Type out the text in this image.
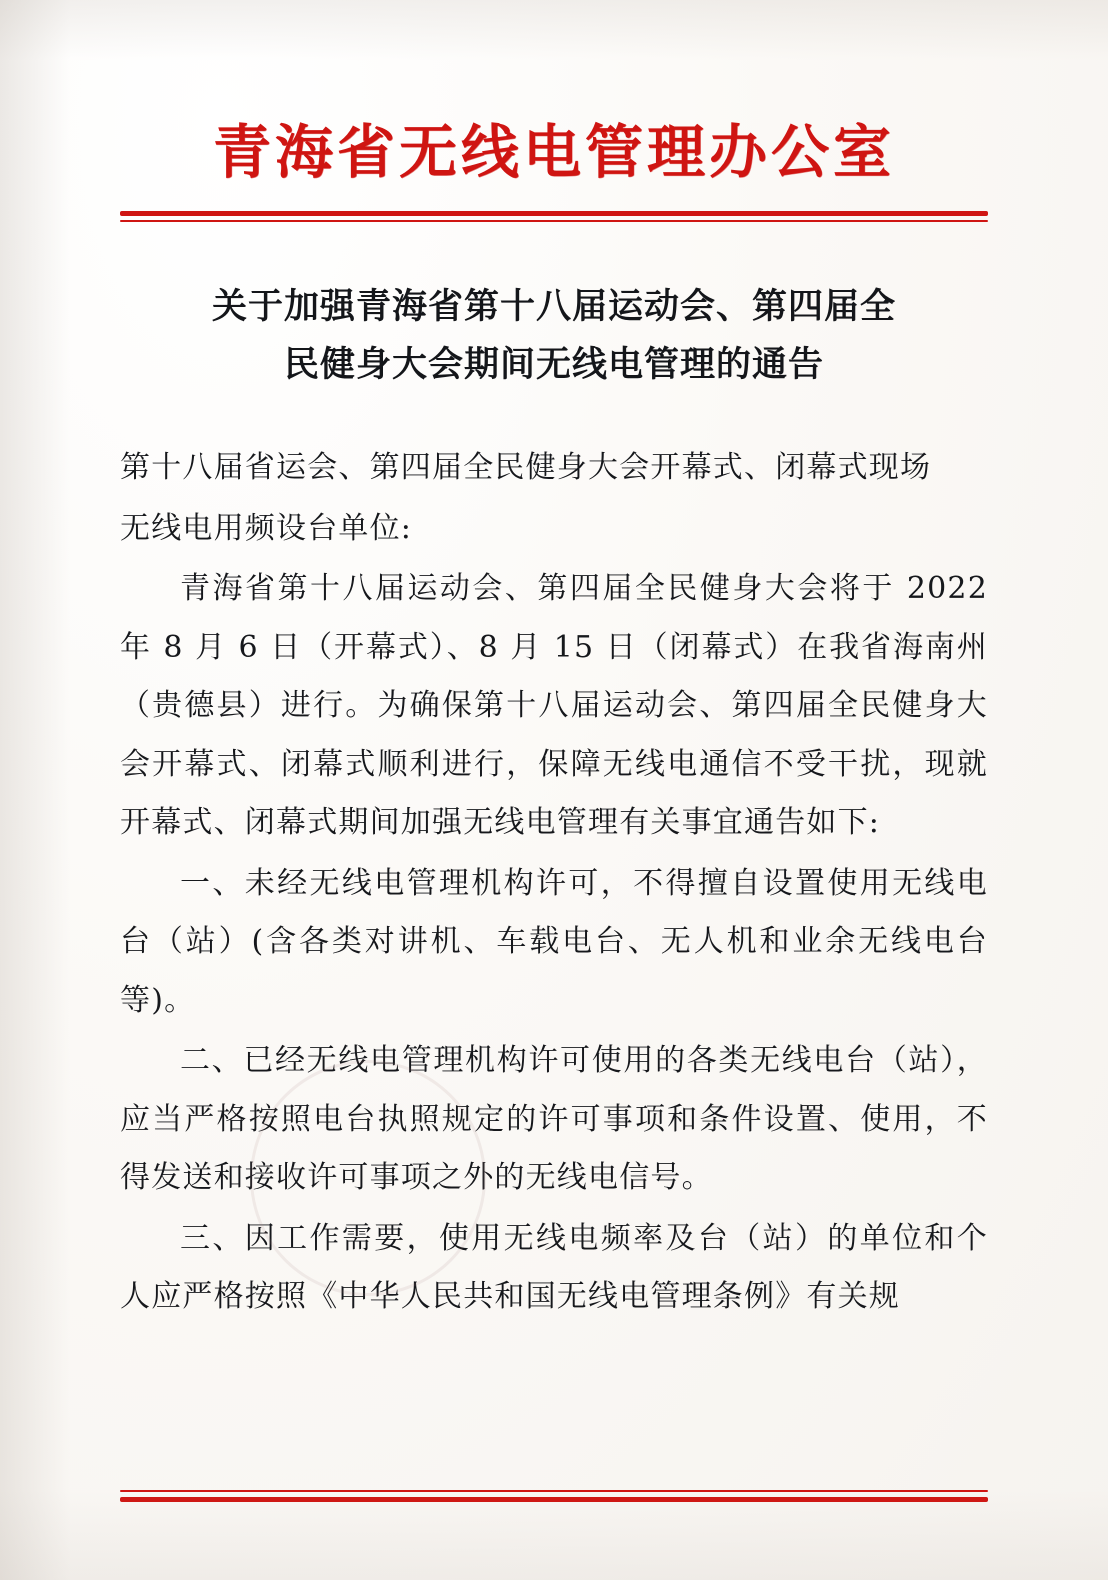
青海省无线电管理办公室
关于加强青海省第十八届运动会、第四届全
民健身大会期间无线电管理的通告

第十八届省运会、第四届全民健身大会开幕式、闭幕式现场

无线电用频设台单位:

青海省第十八届运动会、第四届全民健身大会将于 2022 年 8 月 6 日（开幕式）、8 月 15 日（闭幕式）在我省海南州（贵德县）进行。为确保第十八届运动会、第四届全民健身大会开幕式、闭幕式顺利进行，保障无线电通信不受干扰，现就开幕式、闭幕式期间加强无线电管理有关事宜通告如下:

一、未经无线电管理机构许可，不得擅自设置使用无线电台（站）(含各类对讲机、车载电台、无人机和业余无线电台等)。

二、已经无线电管理机构许可使用的各类无线电台（站），应当严格按照电台执照规定的许可事项和条件设置、使用，不得发送和接收许可事项之外的无线电信号。

三、因工作需要，使用无线电频率及台（站）的单位和个人应严格按照《中华人民共和国无线电管理条例》有关规
